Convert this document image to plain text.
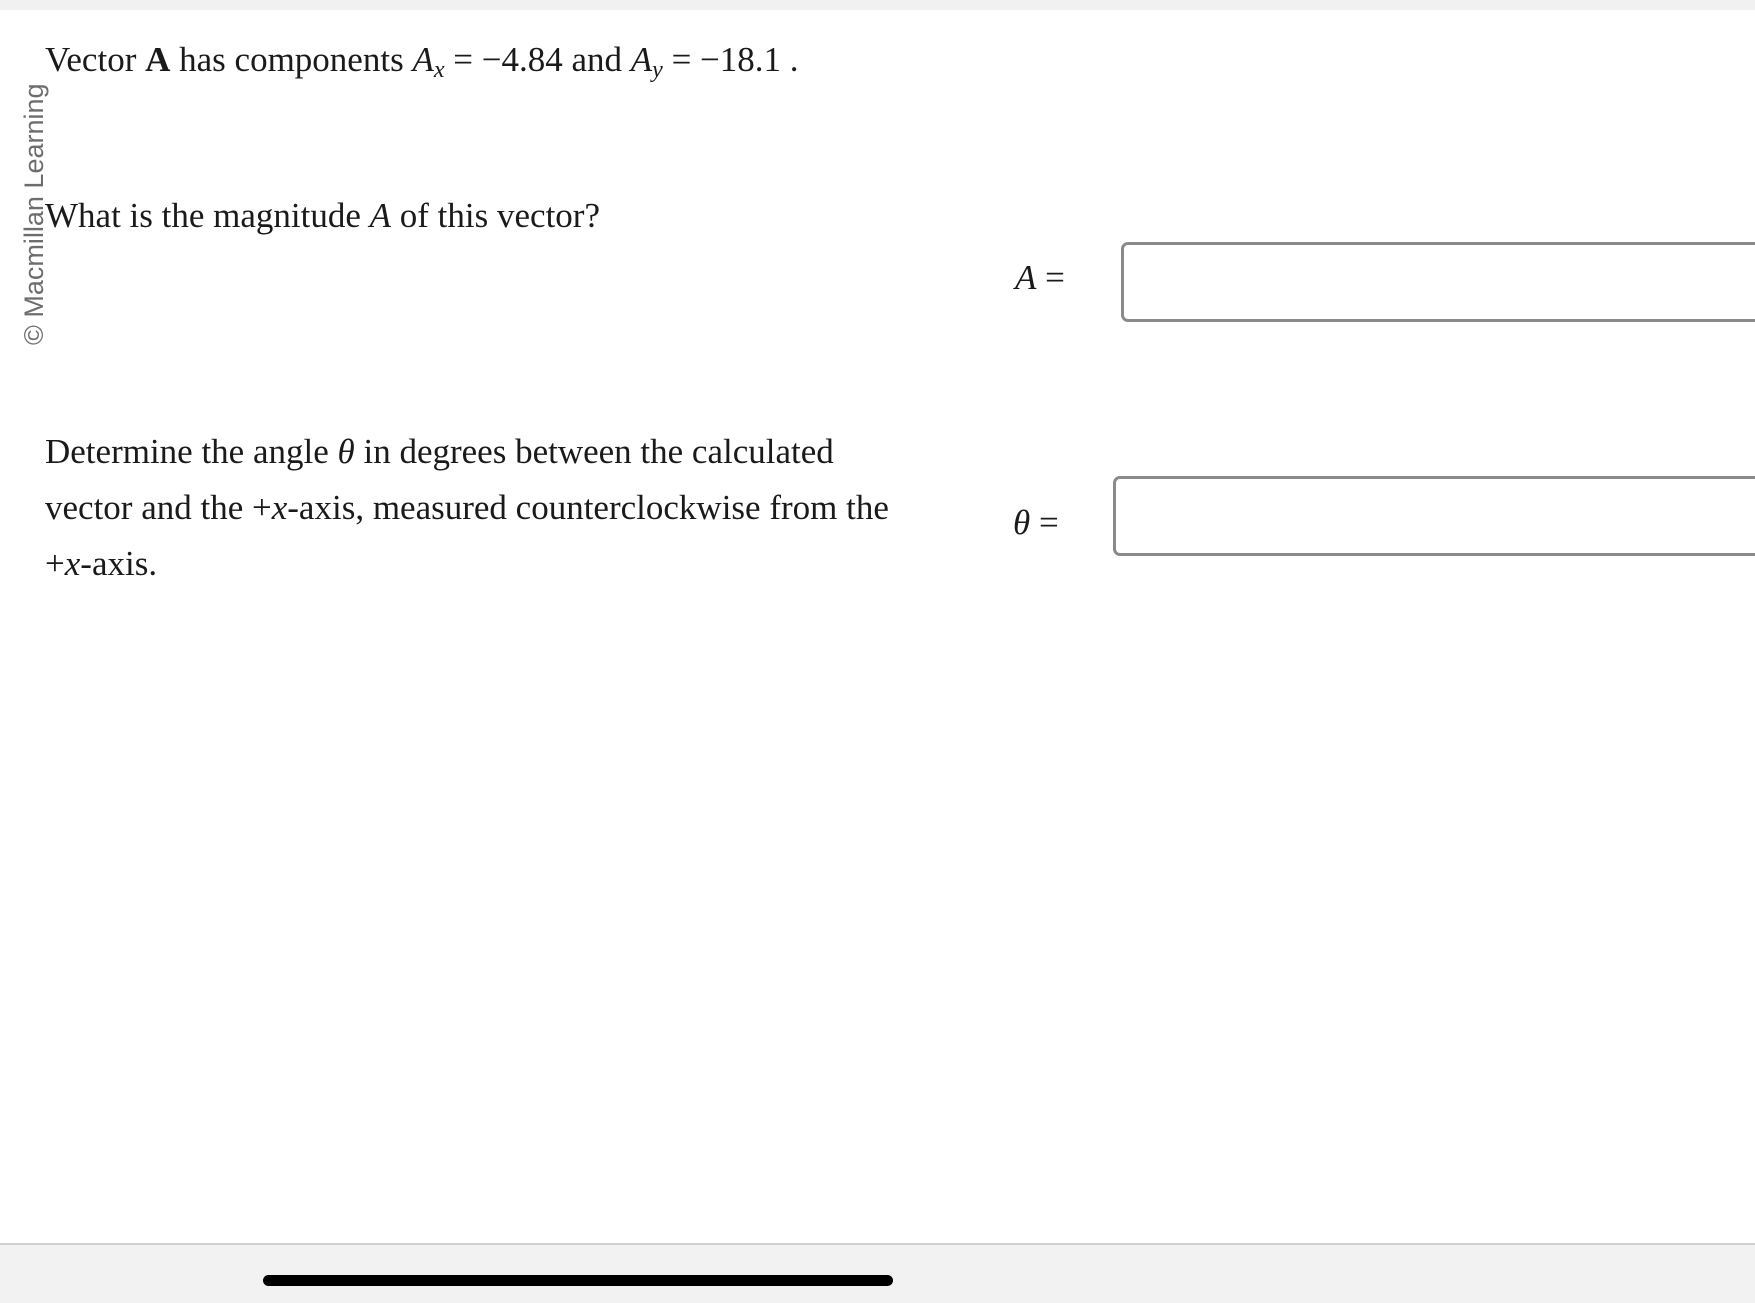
© Macmillan Learning
Vector A has components $A_x = -4.84$ and $A_y = -18.1$ .
What is the magnitude A of this vector?
A =
Determine the angle θ in degrees between the calculated
vector and the +x-axis, measured counterclockwise from the
+x-axis.
θ =
